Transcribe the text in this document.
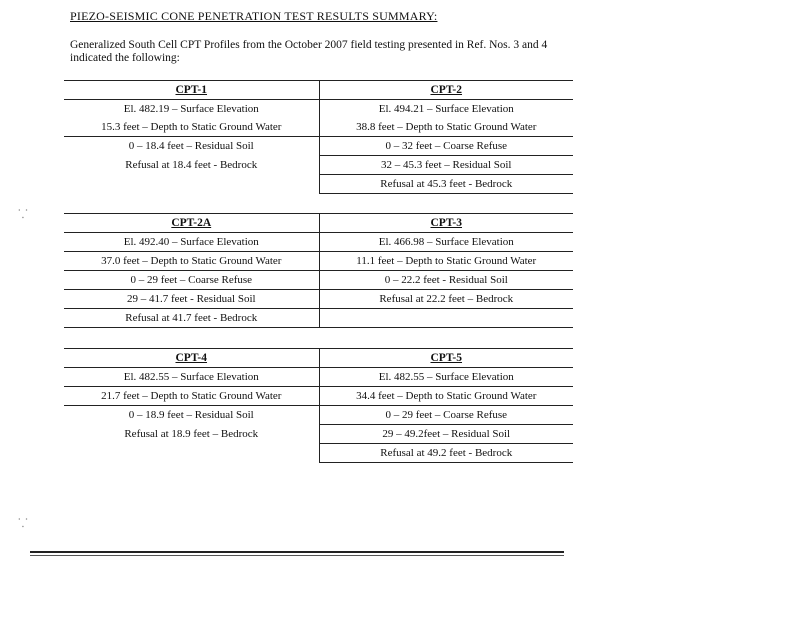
PIEZO-SEISMIC CONE PENETRATION TEST RESULTS SUMMARY:
Generalized South Cell CPT Profiles from the October 2007 field testing presented in Ref. Nos. 3 and 4 indicated the following:
CPT-1	CPT-2
El. 482.19 – Surface Elevation	El. 494.21 – Surface Elevation
15.3 feet – Depth to Static Ground Water	38.8 feet – Depth to Static Ground Water
0 – 18.4 feet – Residual Soil	0 – 32 feet – Coarse Refuse
Refusal at 18.4 feet - Bedrock	32 – 45.3 feet – Residual Soil
	Refusal at 45.3 feet - Bedrock
⸪
CPT-2A	CPT-3
El. 492.40 – Surface Elevation	El. 466.98 – Surface Elevation
37.0 feet – Depth to Static Ground Water	11.1 feet – Depth to Static Ground Water
0 – 29 feet – Coarse Refuse	0 – 22.2 feet - Residual Soil
29 – 41.7 feet - Residual Soil	Refusal at 22.2 feet – Bedrock
Refusal at 41.7 feet - Bedrock	
CPT-4	CPT-5
El. 482.55 – Surface Elevation	El. 482.55 – Surface Elevation
21.7 feet – Depth to Static Ground Water	34.4 feet – Depth to Static Ground Water
0 – 18.9 feet – Residual Soil	0 – 29 feet – Coarse Refuse
Refusal at 18.9 feet – Bedrock	29 – 49.2feet – Residual Soil
	Refusal at 49.2 feet - Bedrock
⸪
